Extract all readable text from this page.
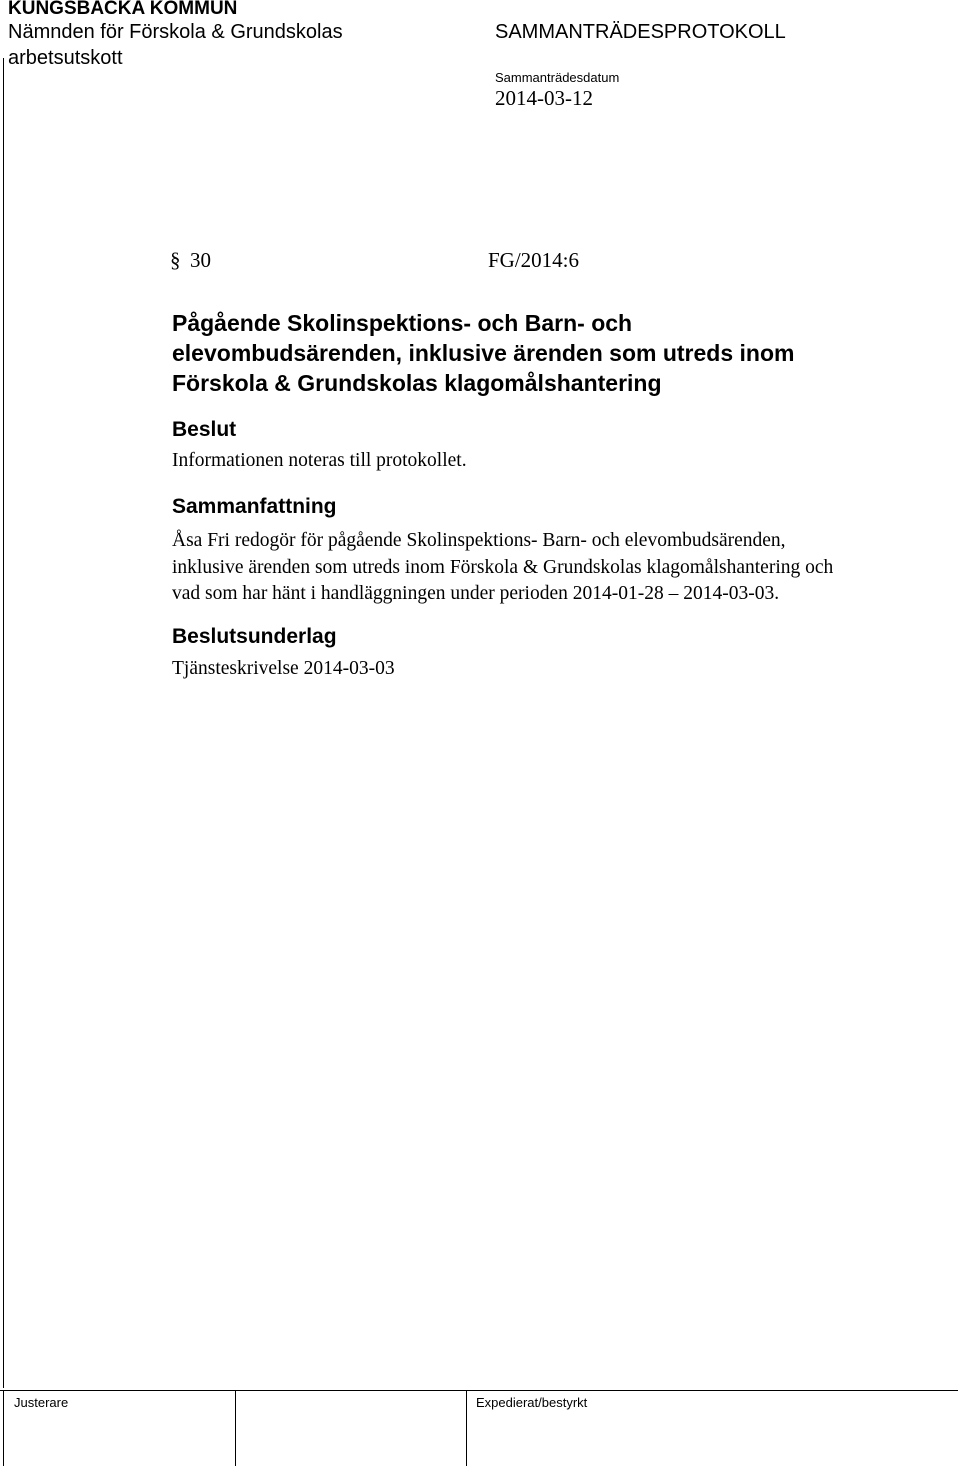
KUNGSBACKA KOMMUN
Nämnden för Förskola & Grundskolas
arbetsutskott
SAMMANTRÄDESPROTOKOLL
Sammanträdesdatum
2014-03-12
§ 30	FG/2014:6
Pågående Skolinspektions- och Barn- och
elevombudsärenden, inklusive ärenden som utreds inom
Förskola & Grundskolas klagomålshantering
Beslut

Informationen noteras till protokollet.

Sammanfattning

Åsa Fri redogör för pågående Skolinspektions- Barn- och elevombudsärenden,
inklusive ärenden som utreds inom Förskola & Grundskolas klagomålshantering och
vad som har hänt i handläggningen under perioden 2014-01-28 – 2014-03-03.

Beslutsunderlag

Tjänsteskrivelse 2014-03-03

Justerare	Expedierat/bestyrkt
